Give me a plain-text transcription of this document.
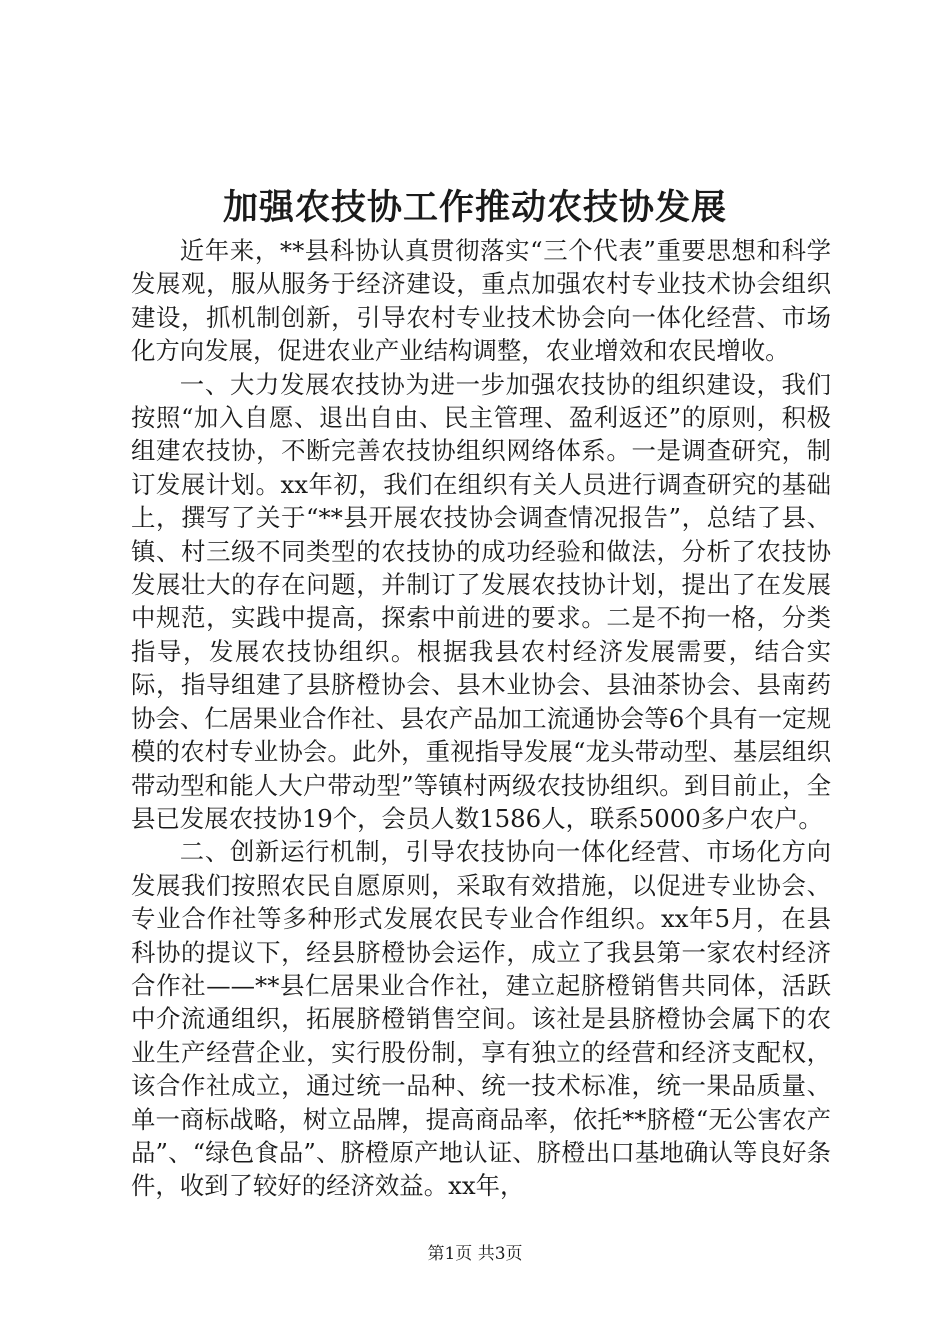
加强农技协工作推动农技协发展

近年来，**县科协认真贯彻落实“三个代表”重要思想和科学发展观，服从服务于经济建设，重点加强农村专业技术协会组织建设，抓机制创新，引导农村专业技术协会向一体化经营、市场化方向发展，促进农业产业结构调整，农业增效和农民增收。

一、大力发展农技协为进一步加强农技协的组织建设，我们按照“加入自愿、退出自由、民主管理、盈利返还”的原则，积极组建农技协，不断完善农技协组织网络体系。一是调查研究，制订发展计划。xx年初，我们在组织有关人员进行调查研究的基础上，撰写了关于“**县开展农技协会调查情况报告”，总结了县、镇、村三级不同类型的农技协的成功经验和做法，分析了农技协发展壮大的存在问题，并制订了发展农技协计划，提出了在发展中规范，实践中提高，探索中前进的要求。二是不拘一格，分类指导，发展农技协组织。根据我县农村经济发展需要，结合实际，指导组建了县脐橙协会、县木业协会、县油茶协会、县南药协会、仁居果业合作社、县农产品加工流通协会等6个具有一定规模的农村专业协会。此外，重视指导发展“龙头带动型、基层组织带动型和能人大户带动型”等镇村两级农技协组织。到目前止，全县已发展农技协19个，会员人数1586人，联系5000多户农户。

二、创新运行机制，引导农技协向一体化经营、市场化方向发展我们按照农民自愿原则，采取有效措施，以促进专业协会、专业合作社等多种形式发展农民专业合作组织。xx年5月，在县科协的提议下，经县脐橙协会运作，成立了我县第一家农村经济合作社——**县仁居果业合作社，建立起脐橙销售共同体，活跃中介流通组织，拓展脐橙销售空间。该社是县脐橙协会属下的农业生产经营企业，实行股份制，享有独立的经营和经济支配权，该合作社成立，通过统一品种、统一技术标准，统一果品质量、单一商标战略，树立品牌，提高商品率，依托**脐橙“无公害农产品”、“绿色食品”、脐橙原产地认证、脐橙出口基地确认等良好条件，收到了较好的经济效益。xx年，

第1页 共3页
